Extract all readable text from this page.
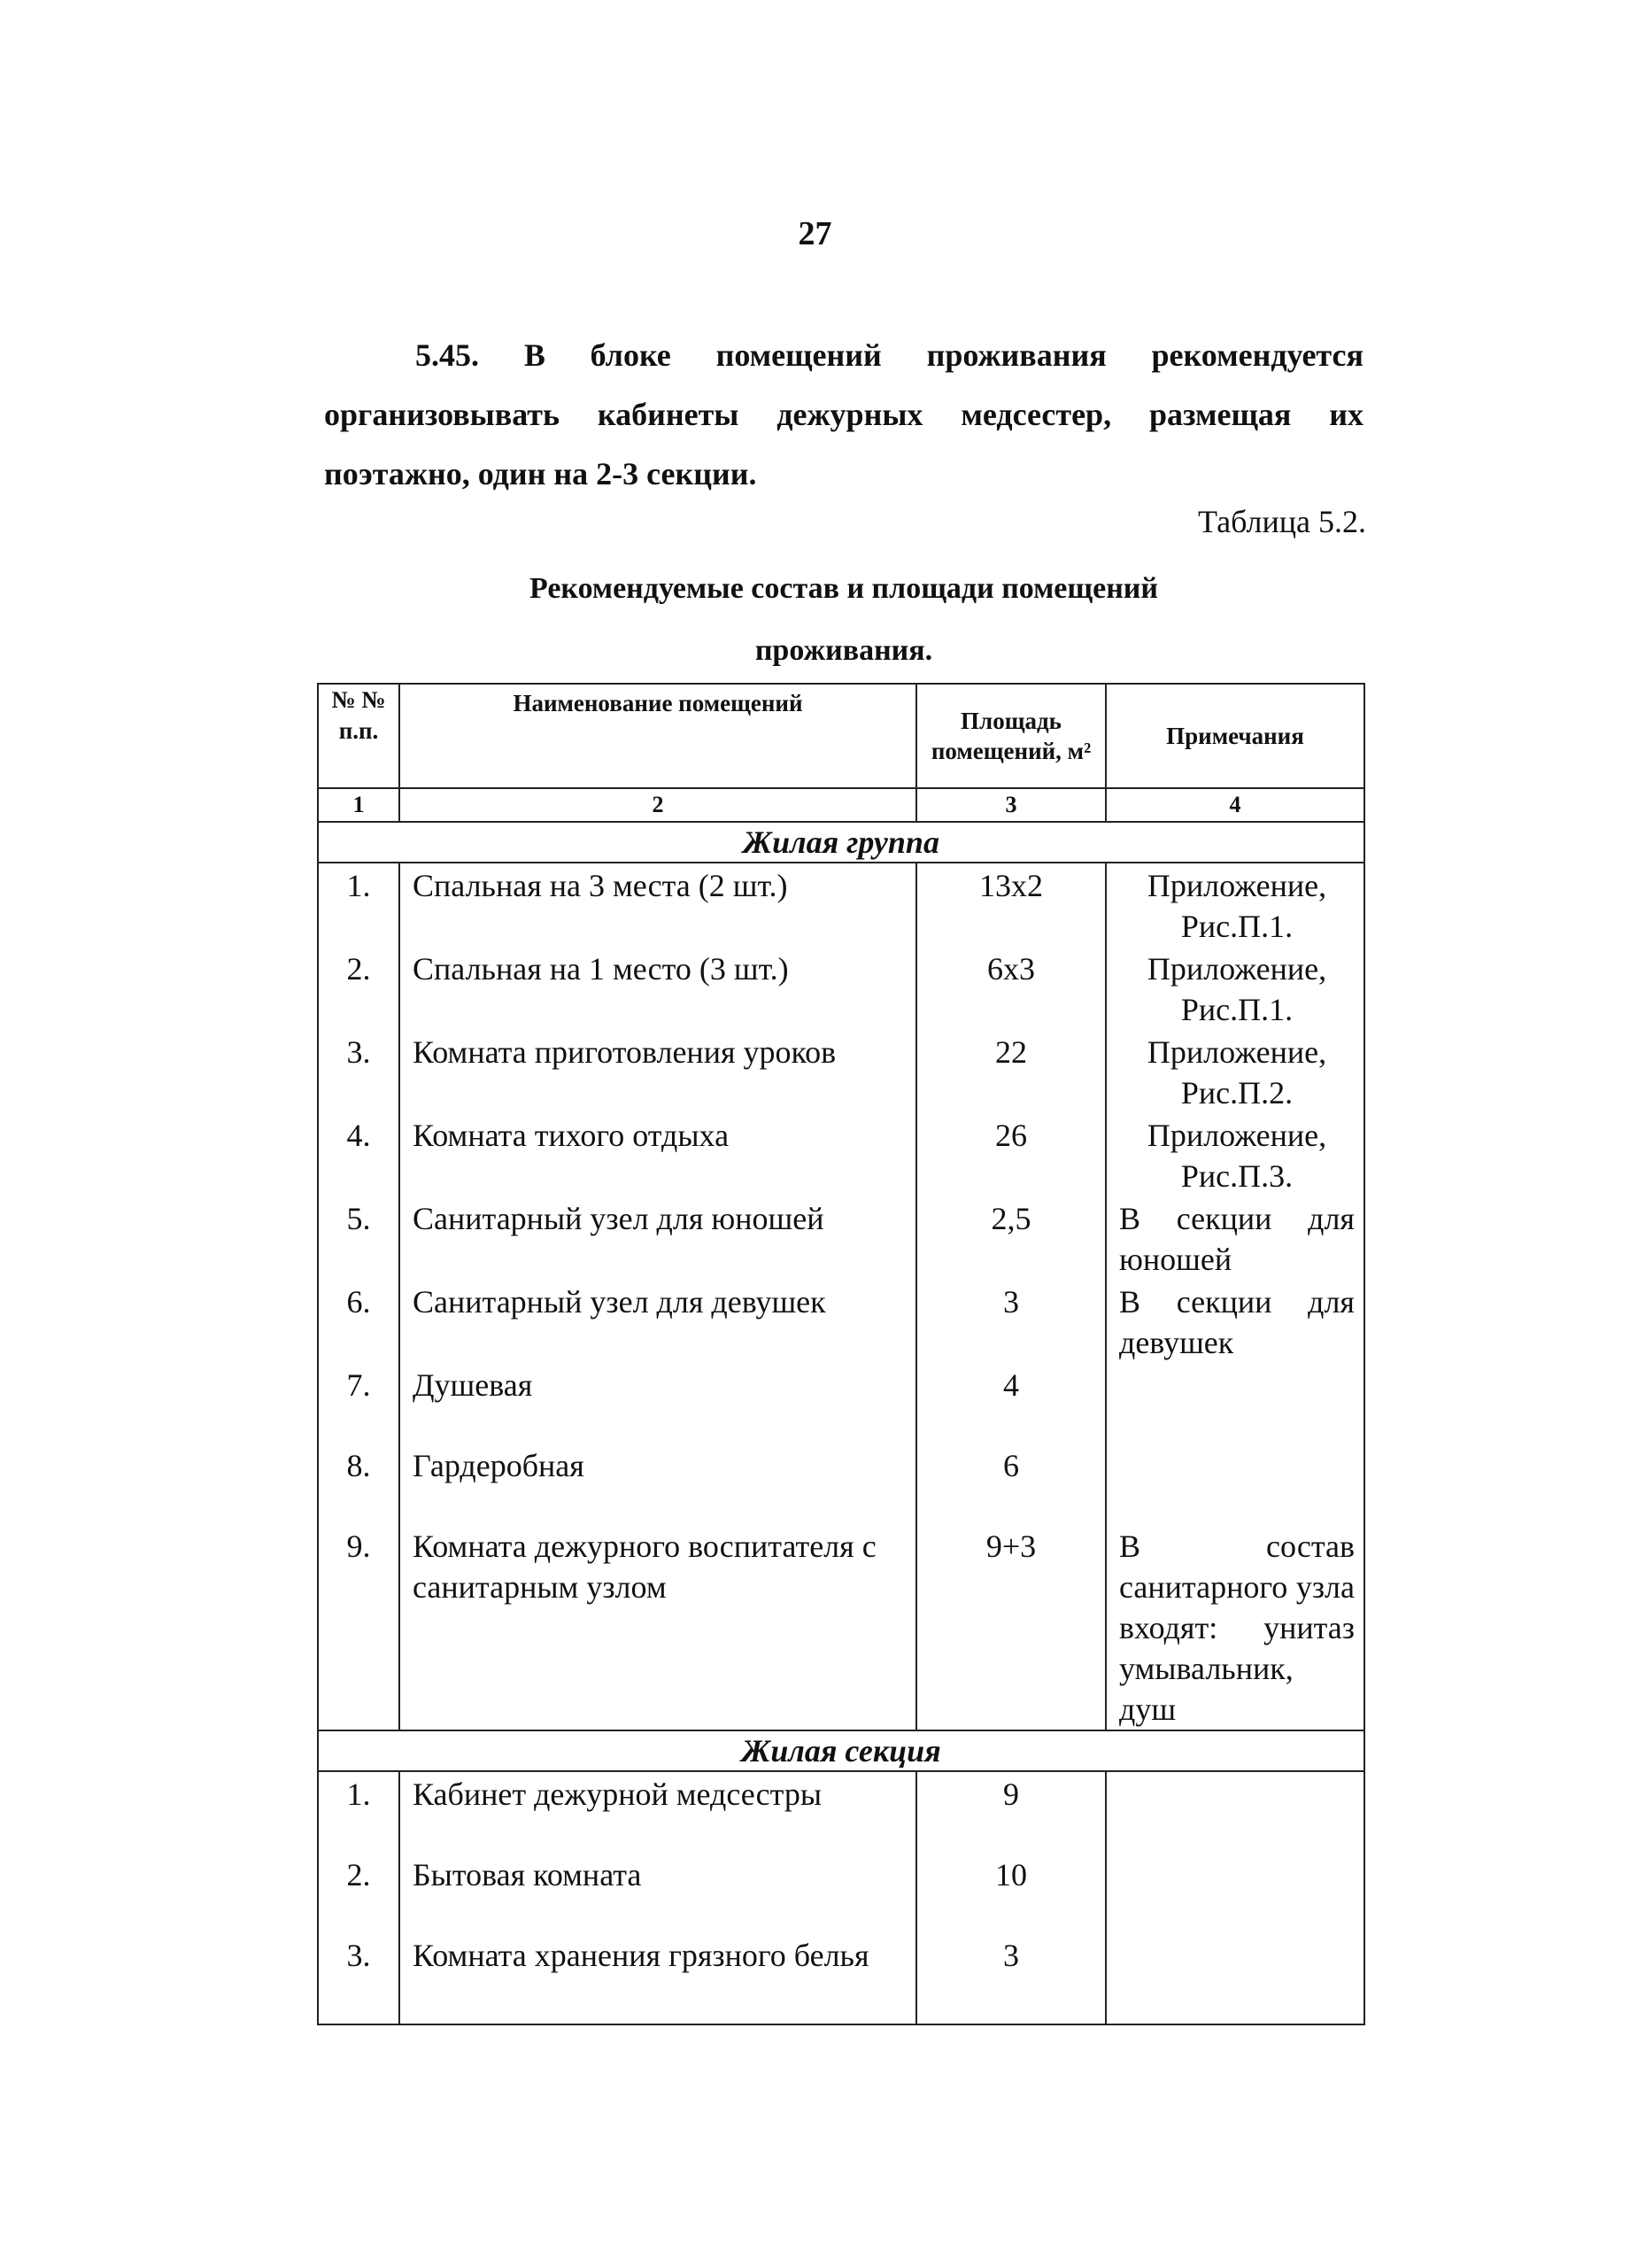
27
5.45. В блоке помещений проживания рекомендуется организовывать кабинеты дежурных медсестер, размещая их поэтажно, один на 2-3 секции.
Таблица 5.2.
Рекомендуемые состав и площади помещений
проживания.
№ № п.п.	Наименование помещений	Площадь помещений, м²	Примечания
1	2	3	4
Жилая группа			
1.	Спальная на 3 места (2 шт.)	13x2	Приложение, Рис.П.1.

2.	Спальная на 1 место (3 шт.)	6x3	Приложение, Рис.П.1.

3.	Комната приготовления уроков	22	Приложение, Рис.П.2.

4.	Комната тихого отдыха	26	Приложение, Рис.П.3.

5.	Санитарный узел для юношей	2,5	В секции для юношей

6.	Санитарный узел для девушек	3	В секции для девушек

7.	Душевая	4	

8.	Гардеробная	6	

9.	Комната дежурного воспитателя с санитарным узлом	9+3	В состав санитарного узла входят: унитаз умывальник, душ

Жилая секция			
1.	Кабинет дежурной медсестры	9	

2.	Бытовая комната	10	

3.	Комната хранения грязного белья	3	
